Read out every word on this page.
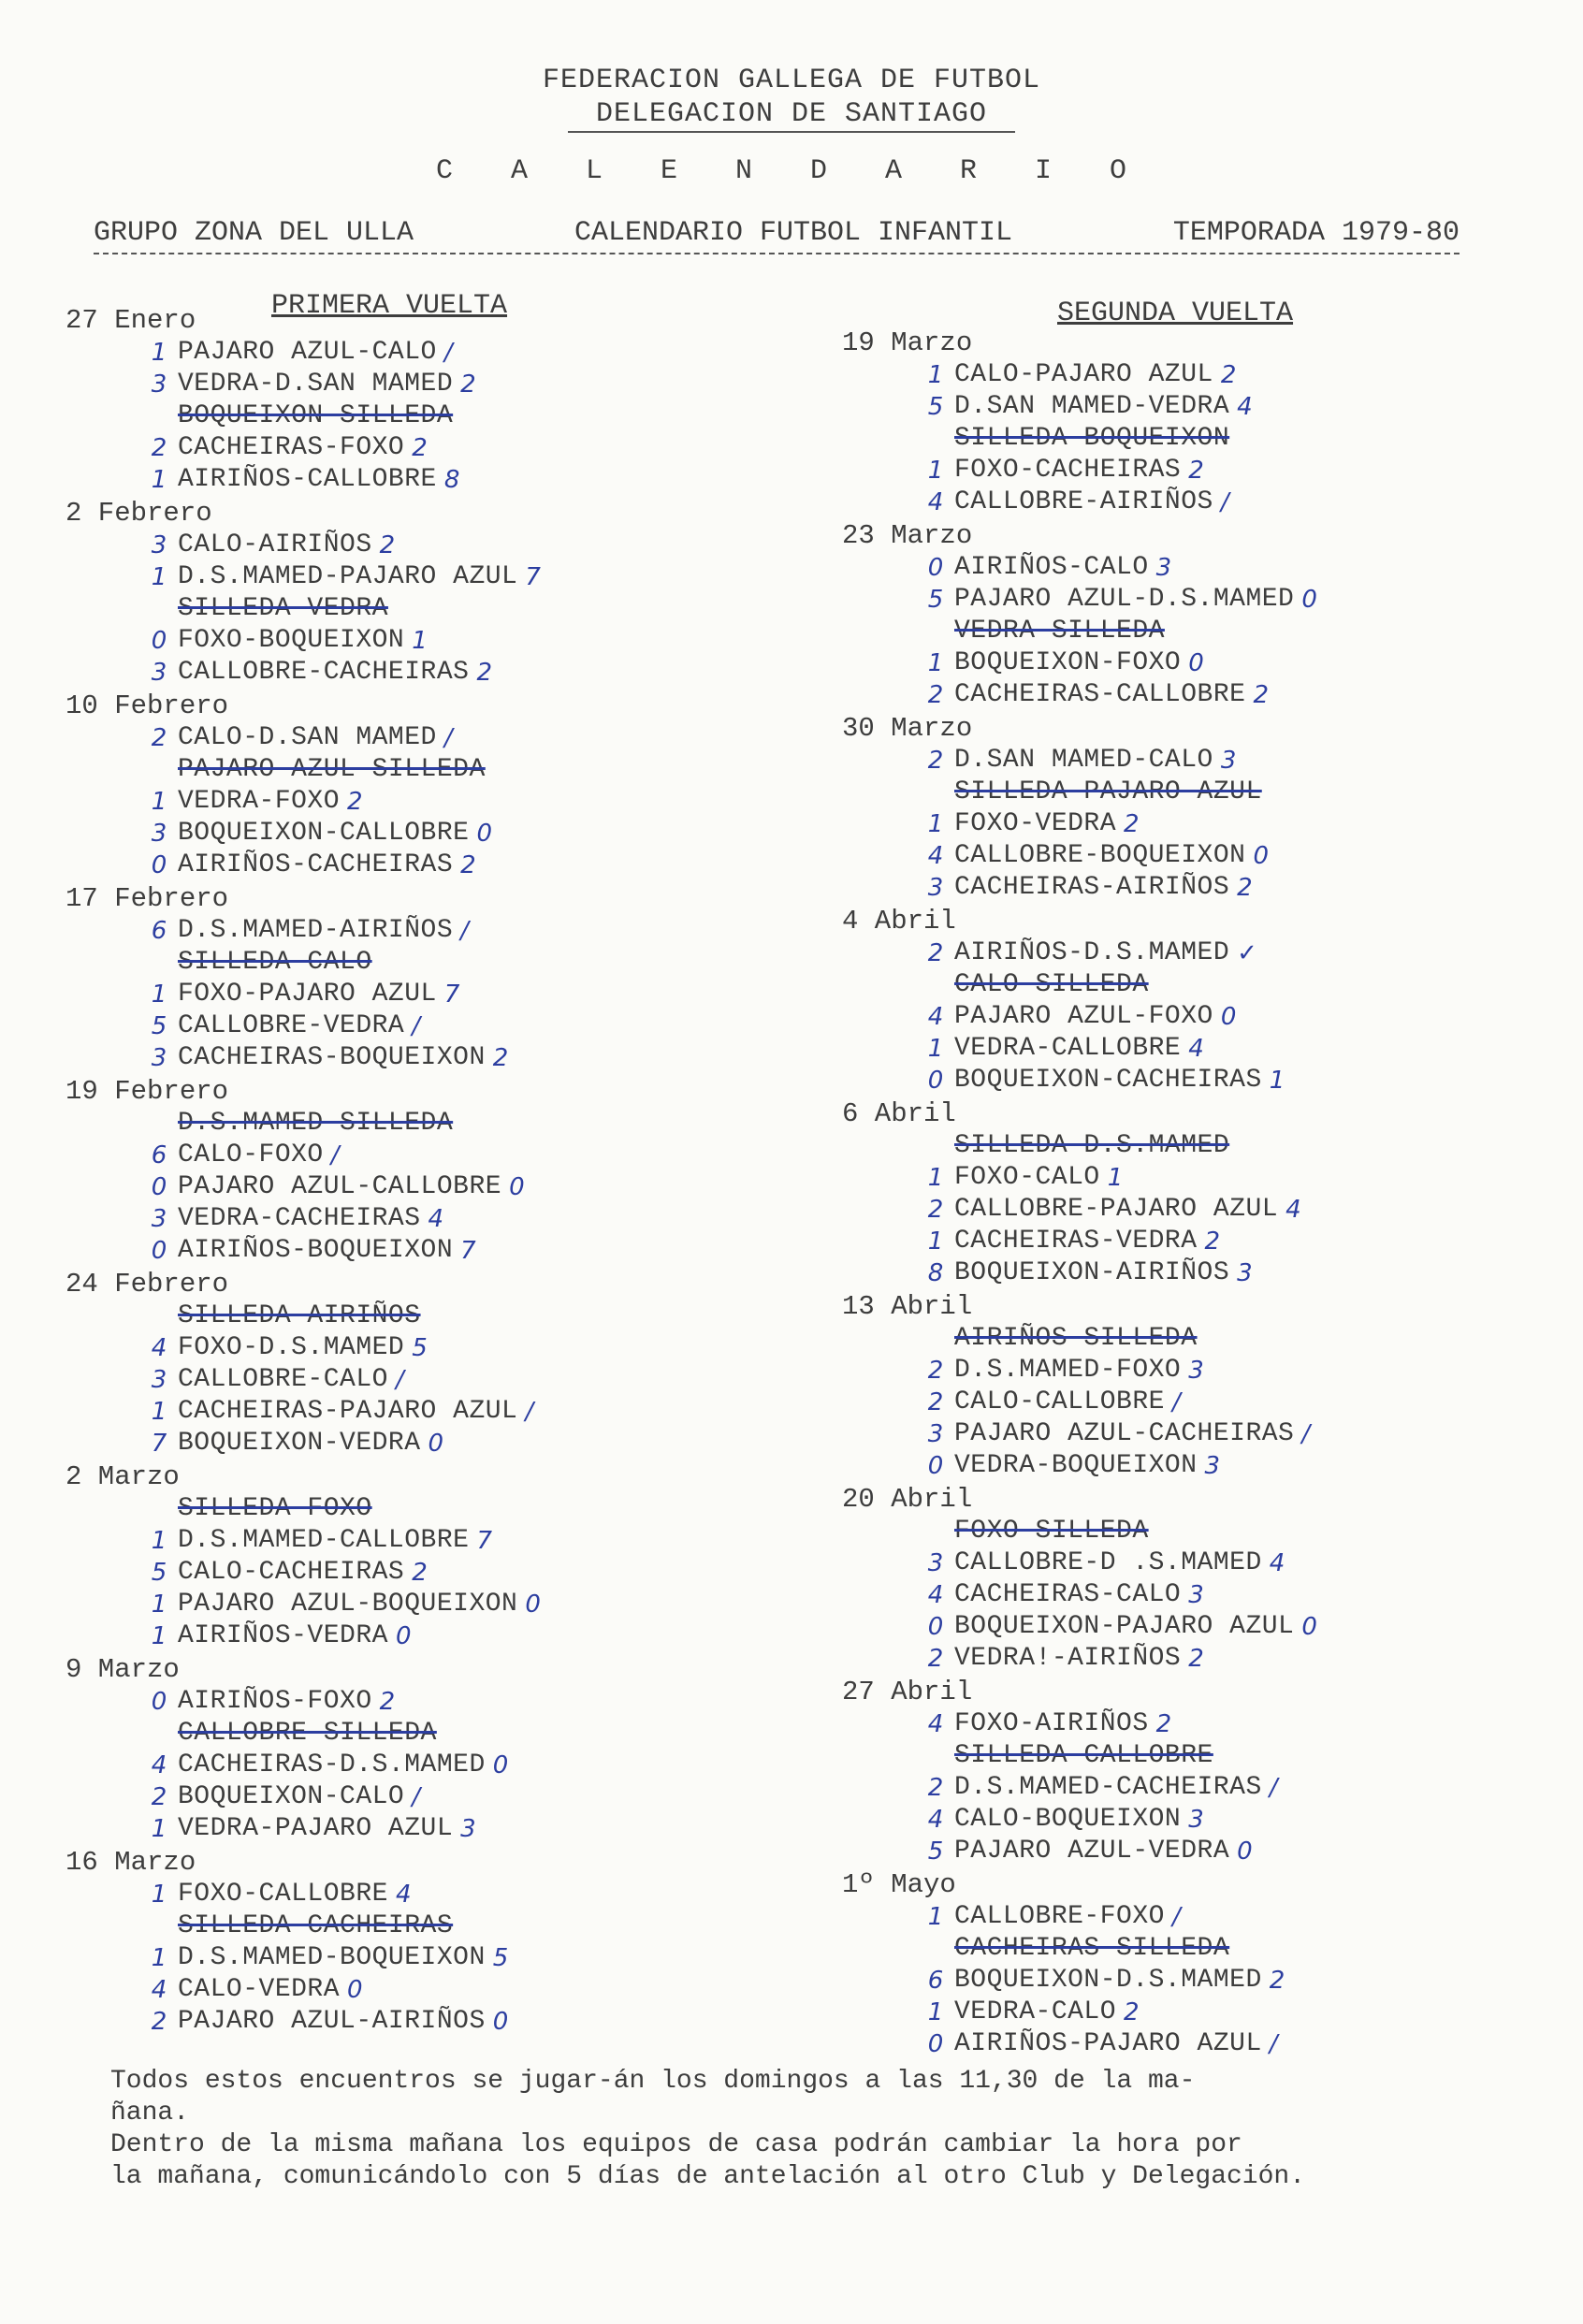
FEDERACION GALLEGA DE FUTBOL
DELEGACION DE SANTIAGO
C A L E N D A R I O
GRUPO ZONA DEL ULLA	CALENDARIO FUTBOL INFANTIL	TEMPORADA 1979-80
PRIMERA VUELTA
27 Enero
1 PAJARO AZUL-CALO /
3 VEDRA-D.SAN MAMED 2
BOQUEIXON-SILLEDA
2 CACHEIRAS-FOXO 2
1 AIRIÑOS-CALLOBRE 8
2 Febrero
3 CALO-AIRIÑOS 2
1 D.S.MAMED-PAJARO AZUL 7
SILLEDA-VEDRA
0 FOXO-BOQUEIXON 1
3 CALLOBRE-CACHEIRAS 2
10 Febrero
2 CALO-D.SAN MAMED /
PAJARO AZUL-SILLEDA
1 VEDRA-FOXO 2
3 BOQUEIXON-CALLOBRE 0
0 AIRIÑOS-CACHEIRAS 2
17 Febrero
6 D.S.MAMED-AIRIÑOS /
SILLEDA-CALO
1 FOXO-PAJARO AZUL 7
5 CALLOBRE-VEDRA /
3 CACHEIRAS-BOQUEIXON 2
19 Febrero
D.S.MAMED-SILLEDA
6 CALO-FOXO /
0 PAJARO AZUL-CALLOBRE 0
3 VEDRA-CACHEIRAS 4
0 AIRIÑOS-BOQUEIXON 7
24 Febrero
SILLEDA-AIRIÑOS
4 FOXO-D.S.MAMED 5
3 CALLOBRE-CALO /
1 CACHEIRAS-PAJARO AZUL /
7 BOQUEIXON-VEDRA 0
2 Marzo
SILLEDA-FOXO
1 D.S.MAMED-CALLOBRE 7
5 CALO-CACHEIRAS 2
1 PAJARO AZUL-BOQUEIXON 0
1 AIRIÑOS-VEDRA 0
9 Marzo
0 AIRIÑOS-FOXO 2
CALLOBRE-SILLEDA
4 CACHEIRAS-D.S.MAMED 0
2 BOQUEIXON-CALO /
1 VEDRA-PAJARO AZUL 3
16 Marzo
1 FOXO-CALLOBRE 4
SILLEDA-CACHEIRAS
1 D.S.MAMED-BOQUEIXON 5
4 CALO-VEDRA 0
2 PAJARO AZUL-AIRIÑOS 0
SEGUNDA VUELTA
19 Marzo
1 CALO-PAJARO AZUL 2
5 D.SAN MAMED-VEDRA 4
SILLEDA-BOQUEIXON
1 FOXO-CACHEIRAS 2
4 CALLOBRE-AIRIÑOS /
23 Marzo
0 AIRIÑOS-CALO 3
5 PAJARO AZUL-D.S.MAMED 0
VEDRA-SILLEDA
1 BOQUEIXON-FOXO 0
2 CACHEIRAS-CALLOBRE 2
30 Marzo
2 D.SAN MAMED-CALO 3
SILLEDA-PAJARO AZUL
1 FOXO-VEDRA 2
4 CALLOBRE-BOQUEIXON 0
3 CACHEIRAS-AIRIÑOS 2
4 Abril
2 AIRIÑOS-D.S.MAMED ✓
CALO-SILLEDA
4 PAJARO AZUL-FOXO 0
1 VEDRA-CALLOBRE 4
0 BOQUEIXON-CACHEIRAS 1
6 Abril
SILLEDA-D.S.MAMED
1 FOXO-CALO 1
2 CALLOBRE-PAJARO AZUL 4
1 CACHEIRAS-VEDRA 2
8 BOQUEIXON-AIRIÑOS 3
13 Abril
AIRIÑOS-SILLEDA
2 D.S.MAMED-FOXO 3
2 CALO-CALLOBRE /
3 PAJARO AZUL-CACHEIRAS /
0 VEDRA-BOQUEIXON 3
20 Abril
FOXO-SILLEDA
3 CALLOBRE-D .S.MAMED 4
4 CACHEIRAS-CALO 3
0 BOQUEIXON-PAJARO AZUL 0
2 VEDRA!-AIRIÑOS 2
27 Abril
4 FOXO-AIRIÑOS 2
SILLEDA-CALLOBRE
2 D.S.MAMED-CACHEIRAS /
4 CALO-BOQUEIXON 3
5 PAJARO AZUL-VEDRA 0
1º Mayo
1 CALLOBRE-FOXO /
CACHEIRAS-SILLEDA
6 BOQUEIXON-D.S.MAMED 2
1 VEDRA-CALO 2
0 AIRIÑOS-PAJARO AZUL /

Todos estos encuentros se jugar-án los domingos a las 11,30 de la ma-

ñana.

Dentro de la misma mañana los equipos de casa podrán cambiar la hora por

la mañana, comunicándolo con 5 días de antelación al otro Club y Delegación.
